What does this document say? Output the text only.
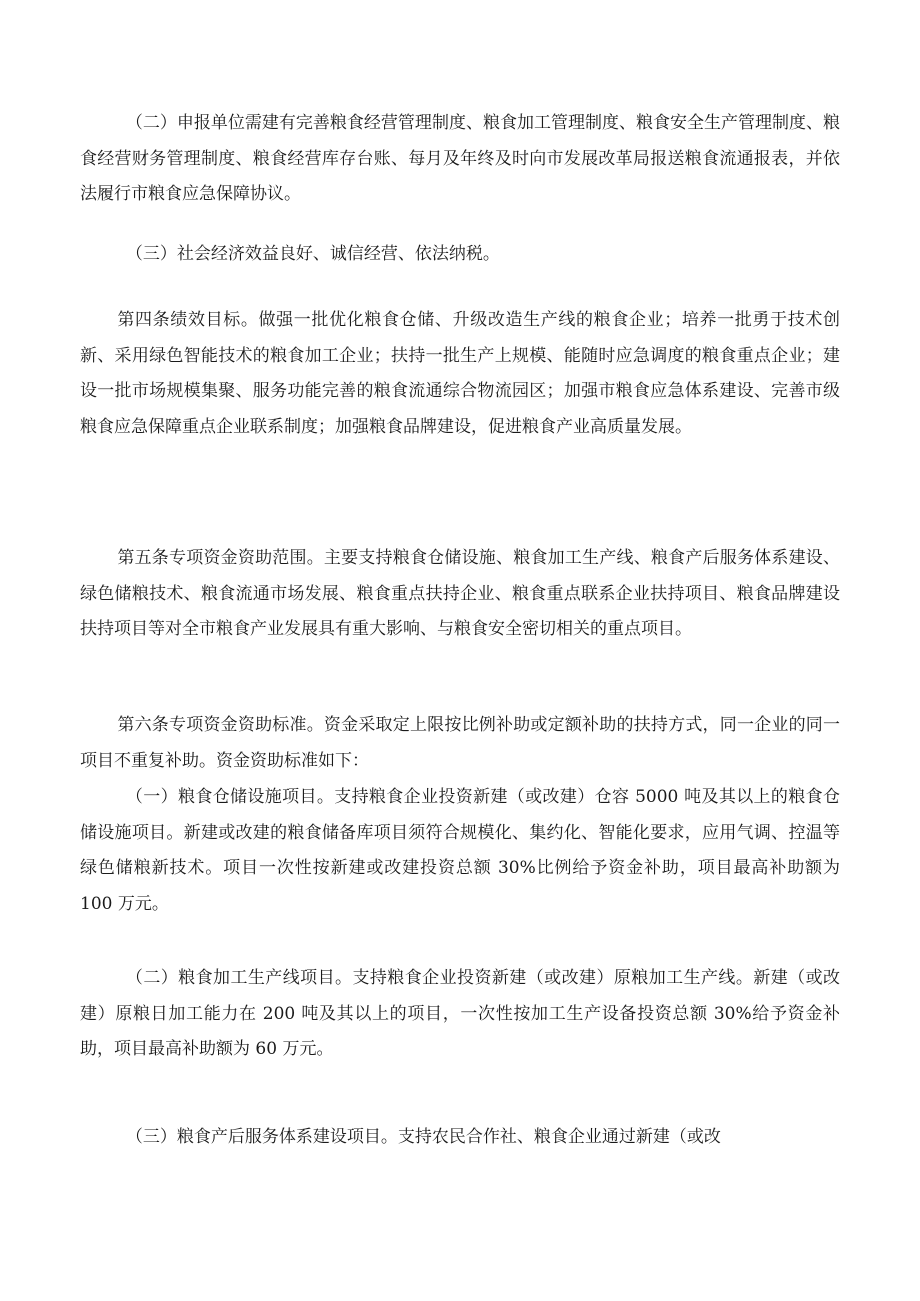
（二）申报单位需建有完善粮食经营管理制度、粮食加工管理制度、粮食安全生产管理制度、粮食经营财务管理制度、粮食经营库存台账、每月及年终及时向市发展改革局报送粮食流通报表，并依法履行市粮食应急保障协议。

（三）社会经济效益良好、诚信经营、依法纳税。

第四条绩效目标。做强一批优化粮食仓储、升级改造生产线的粮食企业；培养一批勇于技术创新、采用绿色智能技术的粮食加工企业；扶持一批生产上规模、能随时应急调度的粮食重点企业；建设一批市场规模集聚、服务功能完善的粮食流通综合物流园区；加强市粮食应急体系建设、完善市级粮食应急保障重点企业联系制度；加强粮食品牌建设，促进粮食产业高质量发展。

第五条专项资金资助范围。主要支持粮食仓储设施、粮食加工生产线、粮食产后服务体系建设、绿色储粮技术、粮食流通市场发展、粮食重点扶持企业、粮食重点联系企业扶持项目、粮食品牌建设扶持项目等对全市粮食产业发展具有重大影响、与粮食安全密切相关的重点项目。

第六条专项资金资助标准。资金采取定上限按比例补助或定额补助的扶持方式，同一企业的同一项目不重复补助。资金资助标准如下：

（一）粮食仓储设施项目。支持粮食企业投资新建（或改建）仓容 5000 吨及其以上的粮食仓储设施项目。新建或改建的粮食储备库项目须符合规模化、集约化、智能化要求，应用气调、控温等绿色储粮新技术。项目一次性按新建或改建投资总额 30%比例给予资金补助，项目最高补助额为 100 万元。

（二）粮食加工生产线项目。支持粮食企业投资新建（或改建）原粮加工生产线。新建（或改建）原粮日加工能力在 200 吨及其以上的项目，一次性按加工生产设备投资总额 30%给予资金补助，项目最高补助额为 60 万元。

（三）粮食产后服务体系建设项目。支持农民合作社、粮食企业通过新建（或改
